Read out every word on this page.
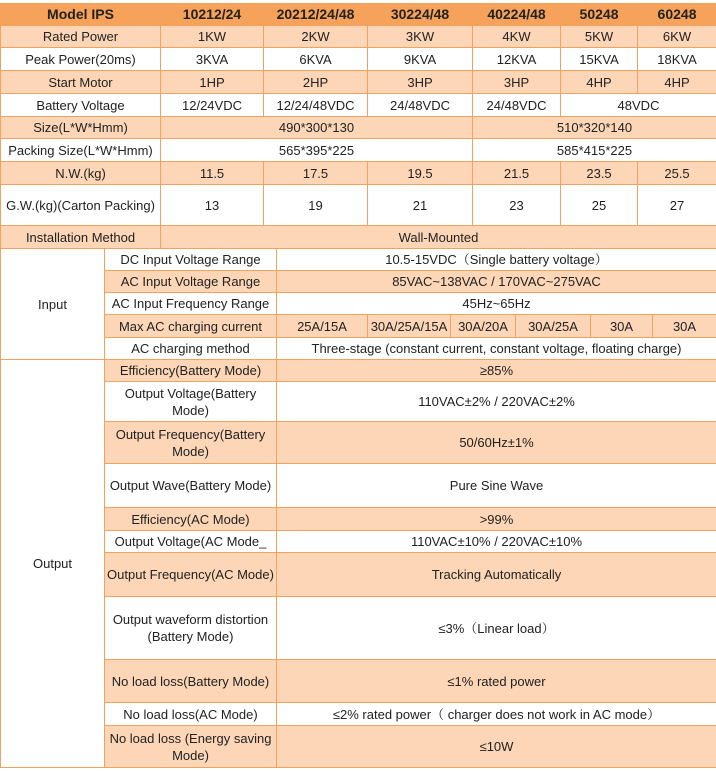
Model IPS		10212/24	20212/24/48		30224/48		40224/48		50248		60248	
Rated Power		1KW	2KW		3KW		4KW		5KW		6KW	
Peak Power(20ms)		3KVA	6KVA		9KVA		12KVA		15KVA		18KVA	
Start Motor		1HP	2HP		3HP		3HP		4HP		4HP	
Battery Voltage		12/24VDC	12/24/48VDC		24/48VDC		24/48VDC		48VDC			
Size(L*W*Hmm)		490*300*130					510*320*140					
Packing Size(L*W*Hmm)		565*395*225					585*415*225					
N.W.(kg)		11.5	17.5		19.5		21.5		23.5		25.5	
G.W.(kg)(Carton Packing)		13	19		21		23		25		27	
Installation Method		Wall-Mounted										
Input	DC Input Voltage Range			10.5-15VDC（Single battery voltage）								
	AC Input Voltage Range			85VAC~138VAC / 170VAC~275VAC								
	AC Input Frequency Range			45Hz~65Hz								
	Max AC charging current			25A/15A	30A/25A/15A	30A/20A		30A/25A		30A		30A
	AC charging method			Three-stage (constant current, constant voltage, floating charge)								
Output	Efficiency(Battery Mode)			≥85%								
	Output Voltage(Battery Mode)			110VAC±2% / 220VAC±2%								
	Output Frequency(Battery Mode)			50/60Hz±1%								
	Output Wave(Battery Mode)			Pure Sine Wave								
	Efficiency(AC Mode)			>99%								
	Output Voltage(AC Mode_			110VAC±10% / 220VAC±10%								
	Output Frequency(AC Mode)			Tracking Automatically								
	Output waveform distortion (Battery Mode)			≤3%（Linear load）								
	No load loss(Battery Mode)			≤1% rated power								
	No load loss(AC Mode)			≤2% rated power（ charger does not work in AC mode）								
	No load loss (Energy saving Mode)			≤10W								
